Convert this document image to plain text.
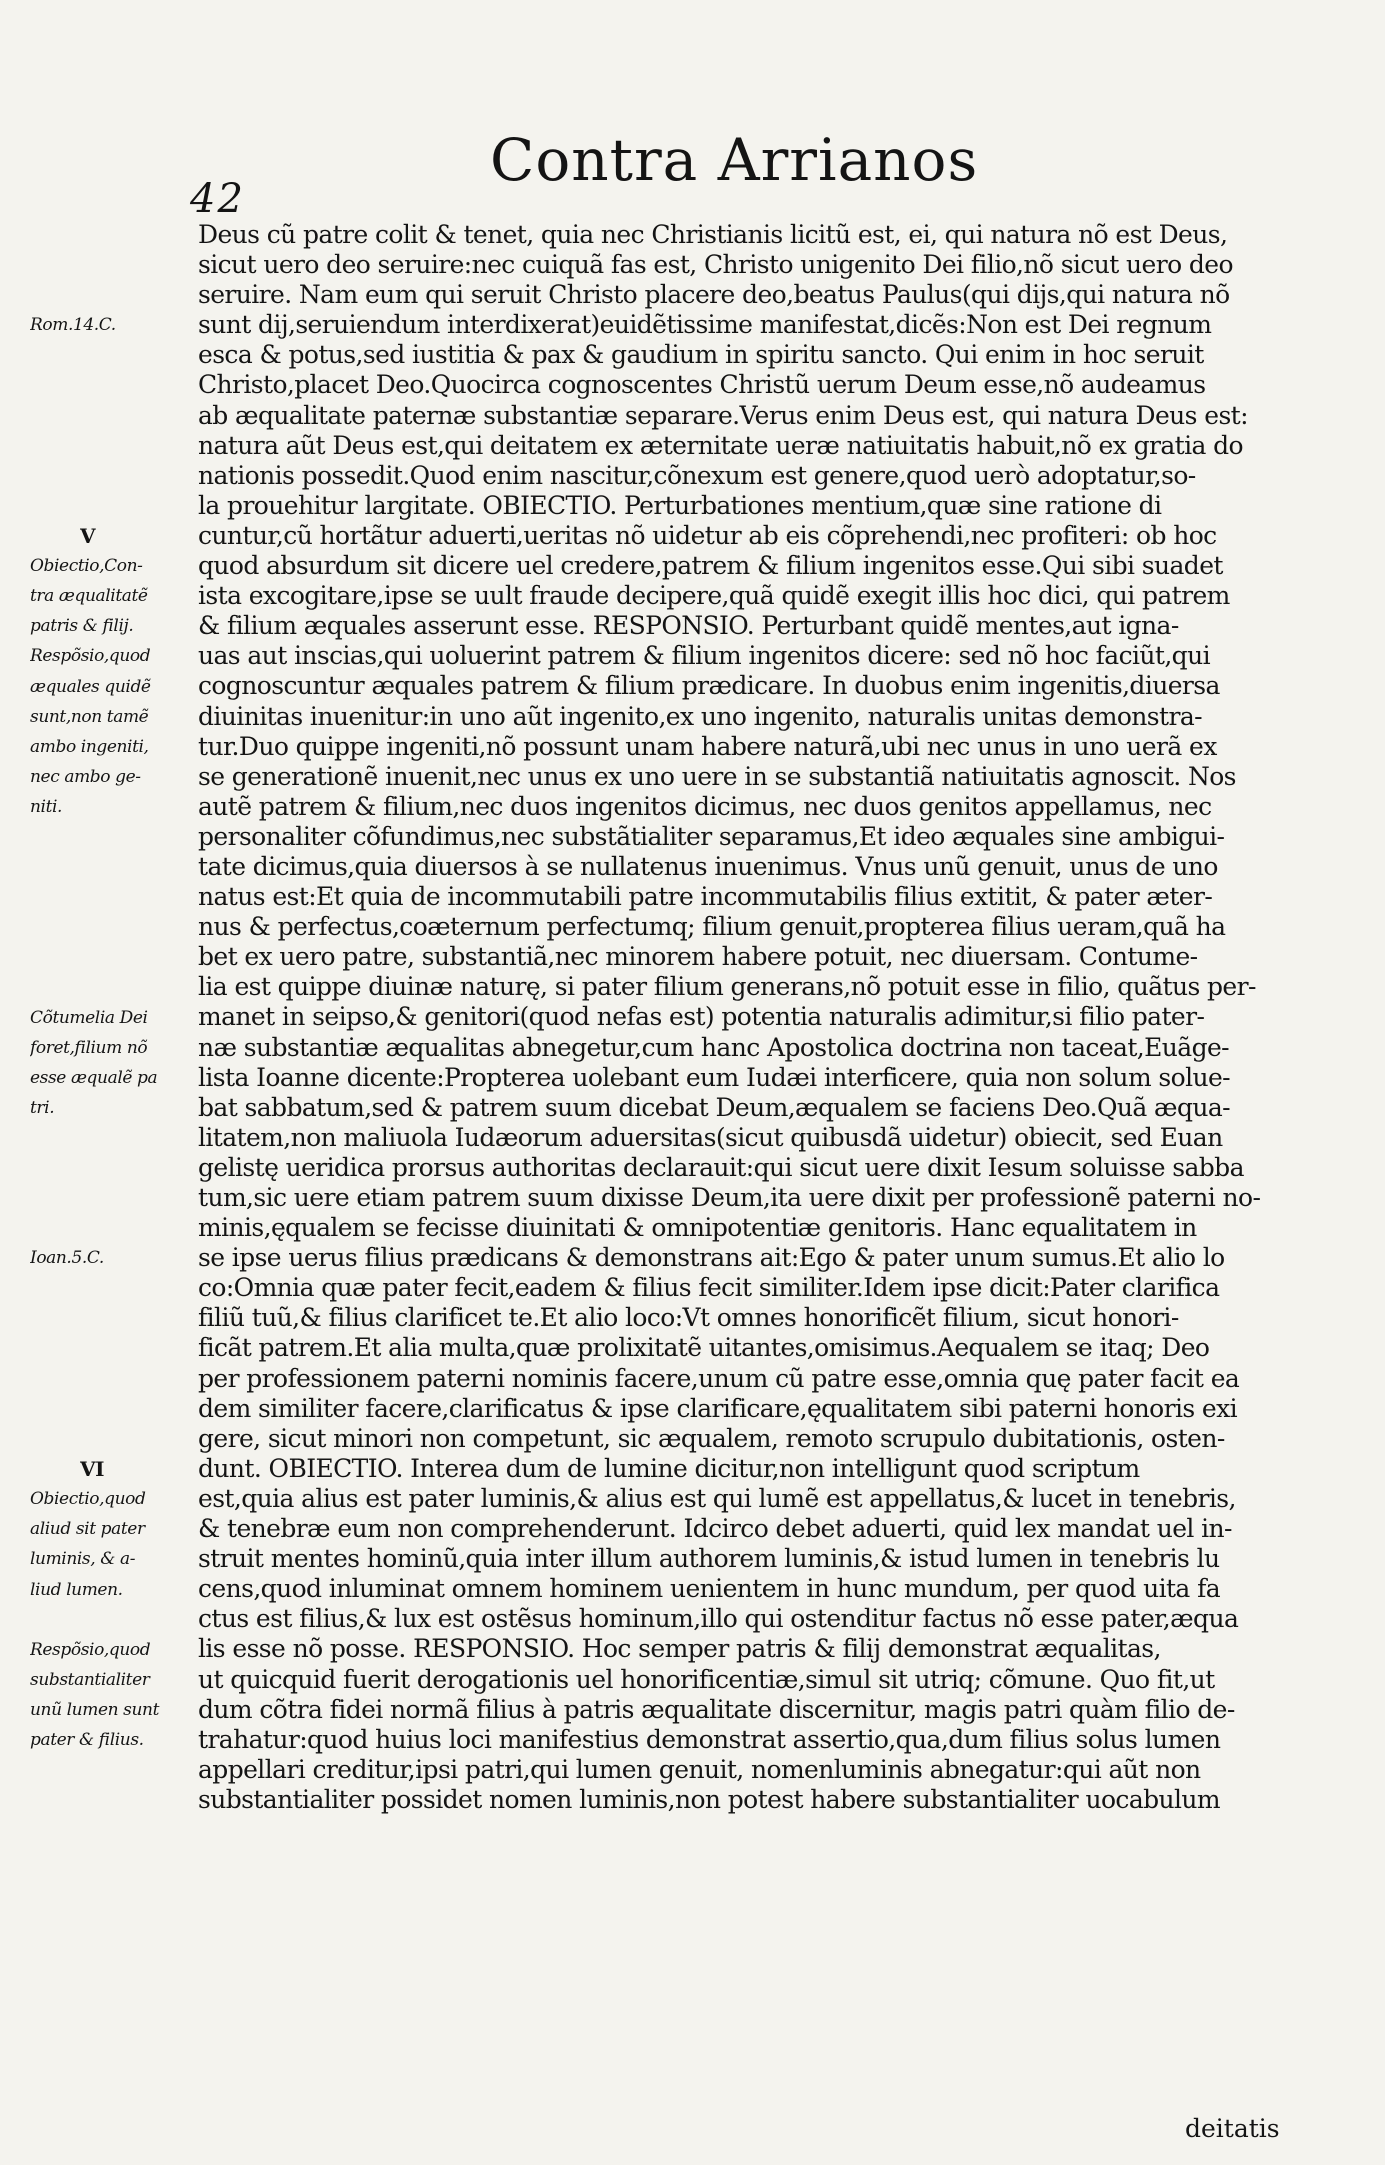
42
Contra Arrianos
Rom.14.C.
V
Obiectio,Con-
tra æqualitatẽ
patris & filij.
Respõsio,quod
æquales quidẽ
sunt,non tamẽ
ambo ingeniti,
nec ambo ge-
niti.
Cõtumelia Dei
foret,filium nõ
esse æqualẽ pa
tri.
Ioan.5.C.
VI
Obiectio,quod
aliud sit pater
luminis, & a-
liud lumen.
Respõsio,quod
substantialiter
unũ lumen sunt
pater & filius.
Deus cũ patre colit & tenet, quia nec Christianis licitũ est, ei, qui natura nõ est Deus,
sicut uero deo seruire:nec cuiquã fas est, Christo unigenito Dei filio,nõ sicut uero deo
seruire. Nam eum qui seruit Christo placere deo,beatus Paulus(qui dijs,qui natura nõ
sunt dij,seruiendum interdixerat)euidẽtissime manifestat,dicẽs:Non est Dei regnum
esca & potus,sed iustitia & pax & gaudium in spiritu sancto. Qui enim in hoc seruit
Christo,placet Deo.Quocirca cognoscentes Christũ uerum Deum esse,nõ audeamus
ab æqualitate paternæ substantiæ separare.Verus enim Deus est, qui natura Deus est:
natura aũt Deus est,qui deitatem ex æternitate ueræ natiuitatis habuit,nõ ex gratia do
nationis possedit.Quod enim nascitur,cõnexum est genere,quod uerò adoptatur,so-
la prouehitur largitate. OBIECTIO. Perturbationes mentium,quæ sine ratione di
cuntur,cũ hortãtur aduerti,ueritas nõ uidetur ab eis cõprehendi,nec profiteri: ob hoc
quod absurdum sit dicere uel credere,patrem & filium ingenitos esse.Qui sibi suadet
ista excogitare,ipse se uult fraude decipere,quã quidẽ exegit illis hoc dici, qui patrem
& filium æquales asserunt esse. RESPONSIO. Perturbant quidẽ mentes,aut igna-
uas aut inscias,qui uoluerint patrem & filium ingenitos dicere: sed nõ hoc faciũt,qui
cognoscuntur æquales patrem & filium prædicare. In duobus enim ingenitis,diuersa
diuinitas inuenitur:in uno aũt ingenito,ex uno ingenito, naturalis unitas demonstra-
tur.Duo quippe ingeniti,nõ possunt unam habere naturã,ubi nec unus in uno uerã ex
se generationẽ inuenit,nec unus ex uno uere in se substantiã natiuitatis agnoscit. Nos
autẽ patrem & filium,nec duos ingenitos dicimus, nec duos genitos appellamus, nec
personaliter cõfundimus,nec substãtialiter separamus,Et ideo æquales sine ambigui-
tate dicimus,quia diuersos à se nullatenus inuenimus. Vnus unũ genuit, unus de uno
natus est:Et quia de incommutabili patre incommutabilis filius extitit, & pater æter-
nus & perfectus,coæternum perfectumq; filium genuit,propterea filius ueram,quã ha
bet ex uero patre, substantiã,nec minorem habere potuit, nec diuersam. Contume-
lia est quippe diuinæ naturę, si pater filium generans,nõ potuit esse in filio, quãtus per-
manet in seipso,& genitori(quod nefas est) potentia naturalis adimitur,si filio pater-
næ substantiæ æqualitas abnegetur,cum hanc Apostolica doctrina non taceat,Euãge-
lista Ioanne dicente:Propterea uolebant eum Iudæi interficere, quia non solum solue-
bat sabbatum,sed & patrem suum dicebat Deum,æqualem se faciens Deo.Quã æqua-
litatem,non maliuola Iudæorum aduersitas(sicut quibusdã uidetur) obiecit, sed Euan
gelistę ueridica prorsus authoritas declarauit:qui sicut uere dixit Iesum soluisse sabba
tum,sic uere etiam patrem suum dixisse Deum,ita uere dixit per professionẽ paterni no-
minis,ęqualem se fecisse diuinitati & omnipotentiæ genitoris. Hanc equalitatem in
se ipse uerus filius prædicans & demonstrans ait:Ego & pater unum sumus.Et alio lo
co:Omnia quæ pater fecit,eadem & filius fecit similiter.Idem ipse dicit:Pater clarifica
filiũ tuũ,& filius clarificet te.Et alio loco:Vt omnes honorificẽt filium, sicut honori-
ficãt patrem.Et alia multa,quæ prolixitatẽ uitantes,omisimus.Aequalem se itaq; Deo
per professionem paterni nominis facere,unum cũ patre esse,omnia quę pater facit ea
dem similiter facere,clarificatus & ipse clarificare,ęqualitatem sibi paterni honoris exi
gere, sicut minori non competunt, sic æqualem, remoto scrupulo dubitationis, osten-
dunt. OBIECTIO. Interea dum de lumine dicitur,non intelligunt quod scriptum
est,quia alius est pater luminis,& alius est qui lumẽ est appellatus,& lucet in tenebris,
& tenebræ eum non comprehenderunt. Idcirco debet aduerti, quid lex mandat uel in-
struit mentes hominũ,quia inter illum authorem luminis,& istud lumen in tenebris lu
cens,quod inluminat omnem hominem uenientem in hunc mundum, per quod uita fa
ctus est filius,& lux est ostẽsus hominum,illo qui ostenditur factus nõ esse pater,æqua
lis esse nõ posse. RESPONSIO. Hoc semper patris & filij demonstrat æqualitas,
ut quicquid fuerit derogationis uel honorificentiæ,simul sit utriq; cõmune. Quo fit,ut
dum cõtra fidei normã filius à patris æqualitate discernitur, magis patri quàm filio de-
trahatur:quod huius loci manifestius demonstrat assertio,qua,dum filius solus lumen
appellari creditur,ipsi patri,qui lumen genuit, nomenluminis abnegatur:qui aũt non
substantialiter possidet nomen luminis,non potest habere substantialiter uocabulum
deitatis
